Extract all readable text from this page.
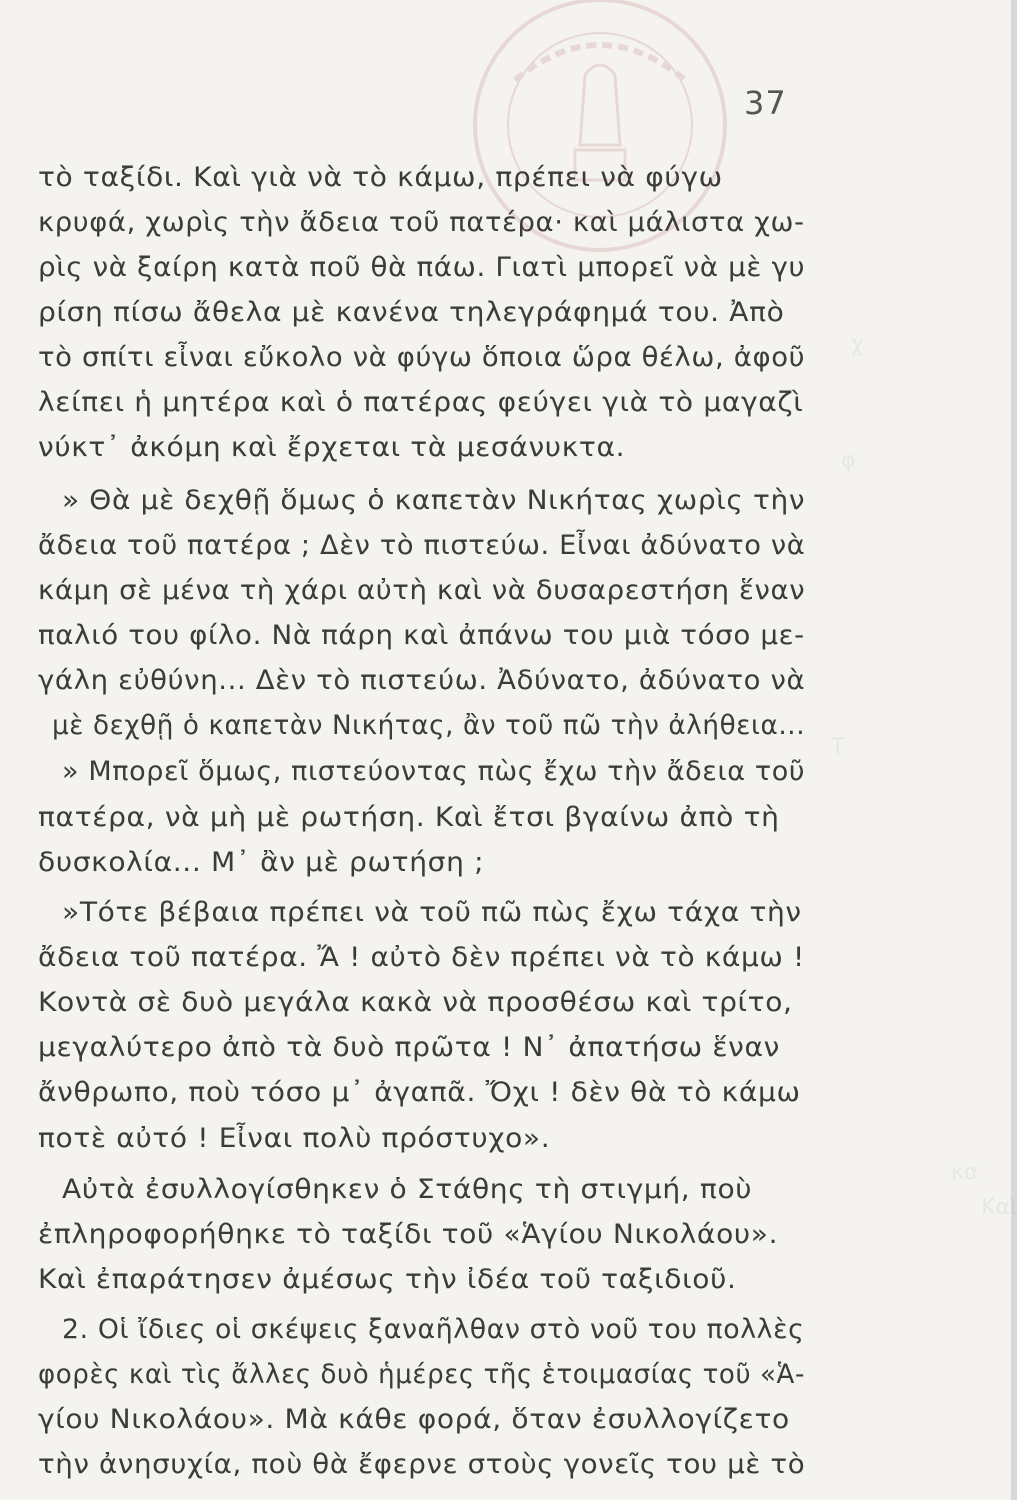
χ
φ
Τ
κα
Καὶ
37
τὸ ταξίδι. Καὶ γιὰ νὰ τὸ κάμω, πρέπει νὰ φύγω
κρυφά, χωρὶς τὴν ἄδεια τοῦ πατέρα· καὶ μάλιστα χω-
ρὶς νὰ ξαίρη κατὰ ποῦ θὰ πάω. Γιατὶ μπορεῖ νὰ μὲ γυ
ρίση πίσω ἄθελα μὲ κανένα τηλεγράφημά του. Ἀπὸ
τὸ σπίτι εἶναι εὔκολο νὰ φύγω ὅποια ὥρα θέλω, ἀφοῦ
λείπει ἡ μητέρα καὶ ὁ πατέρας φεύγει γιὰ τὸ μαγαζὶ
νύκτ᾽ ἀκόμη καὶ ἔρχεται τὰ μεσάνυκτα.
» Θὰ μὲ δεχθῇ ὅμως ὁ καπετὰν Νικήτας χωρὶς τὴν
ἄδεια τοῦ πατέρα ; Δὲν τὸ πιστεύω. Εἶναι ἀδύνατο νὰ
κάμη σὲ μένα τὴ χάρι αὐτὴ καὶ νὰ δυσαρεστήση ἕναν
παλιό του φίλο. Νὰ πάρη καὶ ἀπάνω του μιὰ τόσο με-
γάλη εὐθύνη... Δὲν τὸ πιστεύω. Ἀδύνατο, ἀδύνατο νὰ
μὲ δεχθῇ ὁ καπετὰν Νικήτας, ἂν τοῦ πῶ τὴν ἀλήθεια...
» Μπορεῖ ὅμως, πιστεύοντας πὼς ἔχω τὴν ἄδεια τοῦ
πατέρα, νὰ μὴ μὲ ρωτήση. Καὶ ἔτσι βγαίνω ἀπὸ τὴ
δυσκολία... Μ᾽ ἂν μὲ ρωτήση ;
»Τότε βέβαια πρέπει νὰ τοῦ πῶ πὼς ἔχω τάχα τὴν
ἄδεια τοῦ πατέρα. Ἄ ! αὐτὸ δὲν πρέπει νὰ τὸ κάμω !
Κοντὰ σὲ δυὸ μεγάλα κακὰ νὰ προσθέσω καὶ τρίτο,
μεγαλύτερο ἀπὸ τὰ δυὸ πρῶτα ! Ν᾽ ἀπατήσω ἕναν
ἄνθρωπο, ποὺ τόσο μ᾽ ἀγαπᾶ. Ὄχι ! δὲν θὰ τὸ κάμω
ποτὲ αὐτό ! Εἶναι πολὺ πρόστυχο».
Αὐτὰ ἐσυλλογίσθηκεν ὁ Στάθης τὴ στιγμή, ποὺ
ἐπληροφορήθηκε τὸ ταξίδι τοῦ «Ἁγίου Νικολάου».
Καὶ ἐπαράτησεν ἀμέσως τὴν ἰδέα τοῦ ταξιδιοῦ.
2. Οἱ ἴδιες οἱ σκέψεις ξαναῆλθαν στὸ νοῦ του πολλὲς
φορὲς καὶ τὶς ἄλλες δυὸ ἡμέρες τῆς ἑτοιμασίας τοῦ «Ἁ-
γίου Νικολάου». Μὰ κάθε φορά, ὅταν ἐσυλλογίζετο
τὴν ἀνησυχία, ποὺ θὰ ἔφερνε στοὺς γονεῖς του μὲ τὸ
